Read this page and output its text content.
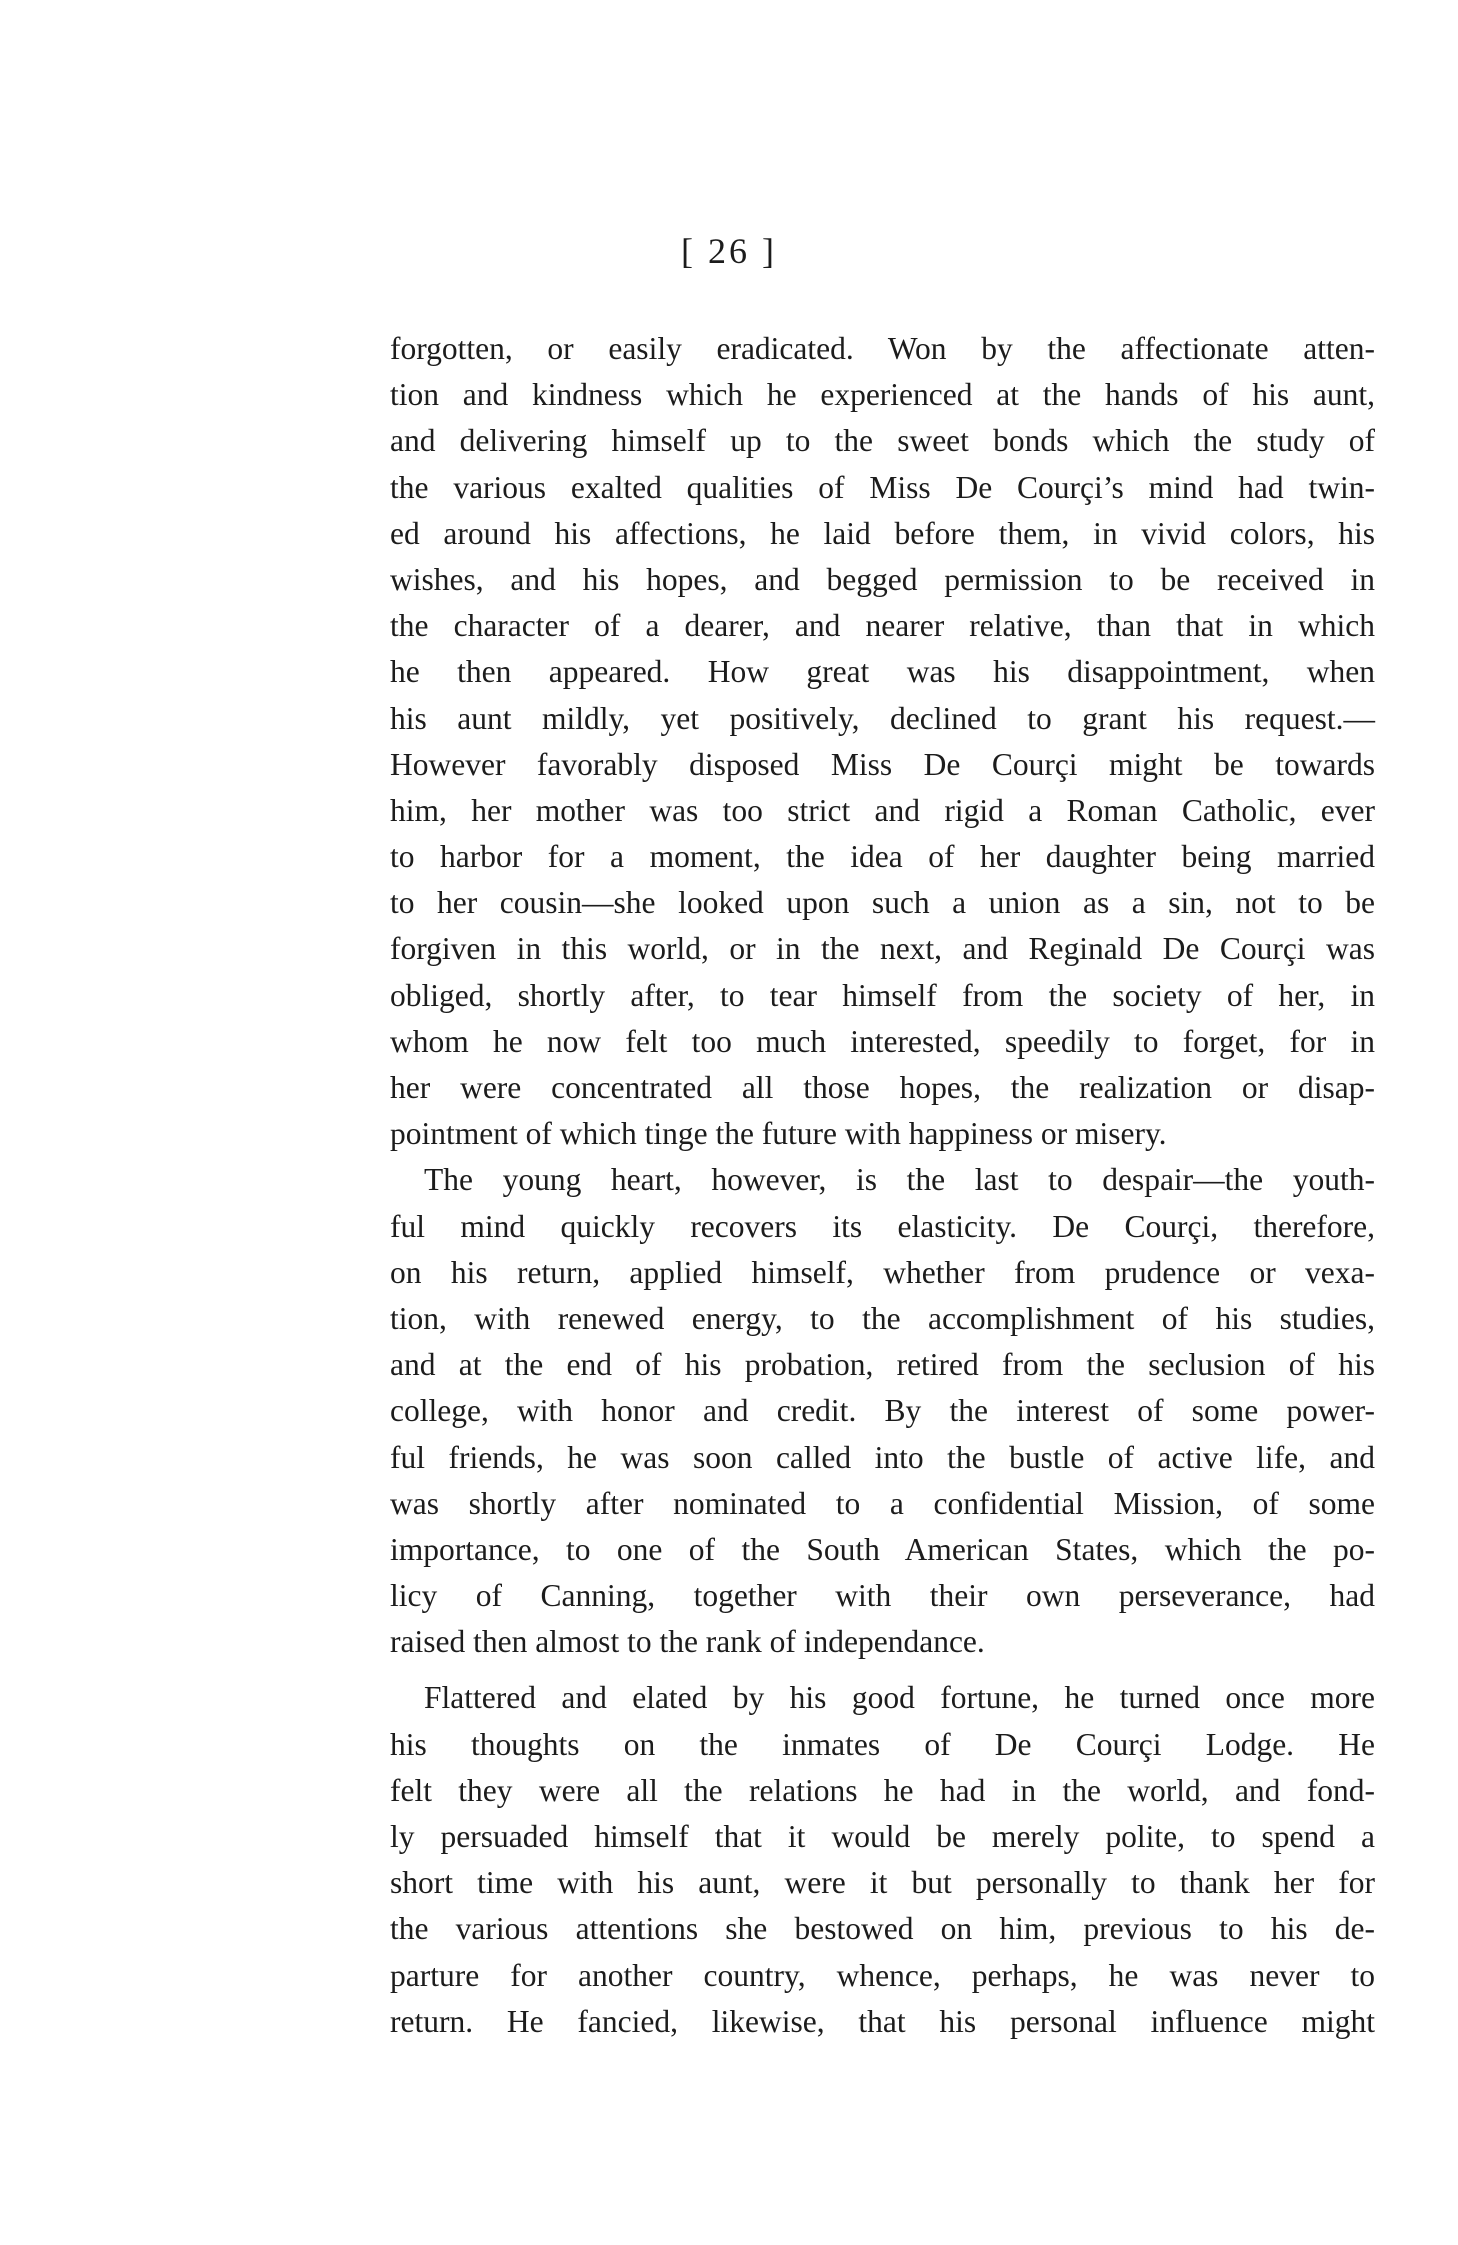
[ 26 ]
forgotten, or easily eradicated. Won by the affectionate atten-
tion and kindness which he experienced at the hands of his aunt,
and delivering himself up to the sweet bonds which the study of
the various exalted qualities of Miss De Courçi’s mind had twin-
ed around his affections, he laid before them, in vivid colors, his
wishes, and his hopes, and begged permission to be received in
the character of a dearer, and nearer relative, than that in which
he then appeared. How great was his disappointment, when
his aunt mildly, yet positively, declined to grant his request.—
However favorably disposed Miss De Courçi might be towards
him, her mother was too strict and rigid a Roman Catholic, ever
to harbor for a moment, the idea of her daughter being married
to her cousin—she looked upon such a union as a sin, not to be
forgiven in this world, or in the next, and Reginald De Courçi was
obliged, shortly after, to tear himself from the society of her, in
whom he now felt too much interested, speedily to forget, for in
her were concentrated all those hopes, the realization or disap-
pointment of which tinge the future with happiness or misery.
The young heart, however, is the last to despair—the youth-
ful mind quickly recovers its elasticity. De Courçi, therefore,
on his return, applied himself, whether from prudence or vexa-
tion, with renewed energy, to the accomplishment of his studies,
and at the end of his probation, retired from the seclusion of his
college, with honor and credit. By the interest of some power-
ful friends, he was soon called into the bustle of active life, and
was shortly after nominated to a confidential Mission, of some
importance, to one of the South American States, which the po-
licy of Canning, together with their own perseverance, had
raised then almost to the rank of independance.
Flattered and elated by his good fortune, he turned once more
his thoughts on the inmates of De Courçi Lodge. He
felt they were all the relations he had in the world, and fond-
ly persuaded himself that it would be merely polite, to spend a
short time with his aunt, were it but personally to thank her for
the various attentions she bestowed on him, previous to his de-
parture for another country, whence, perhaps, he was never to
return. He fancied, likewise, that his personal influence might
